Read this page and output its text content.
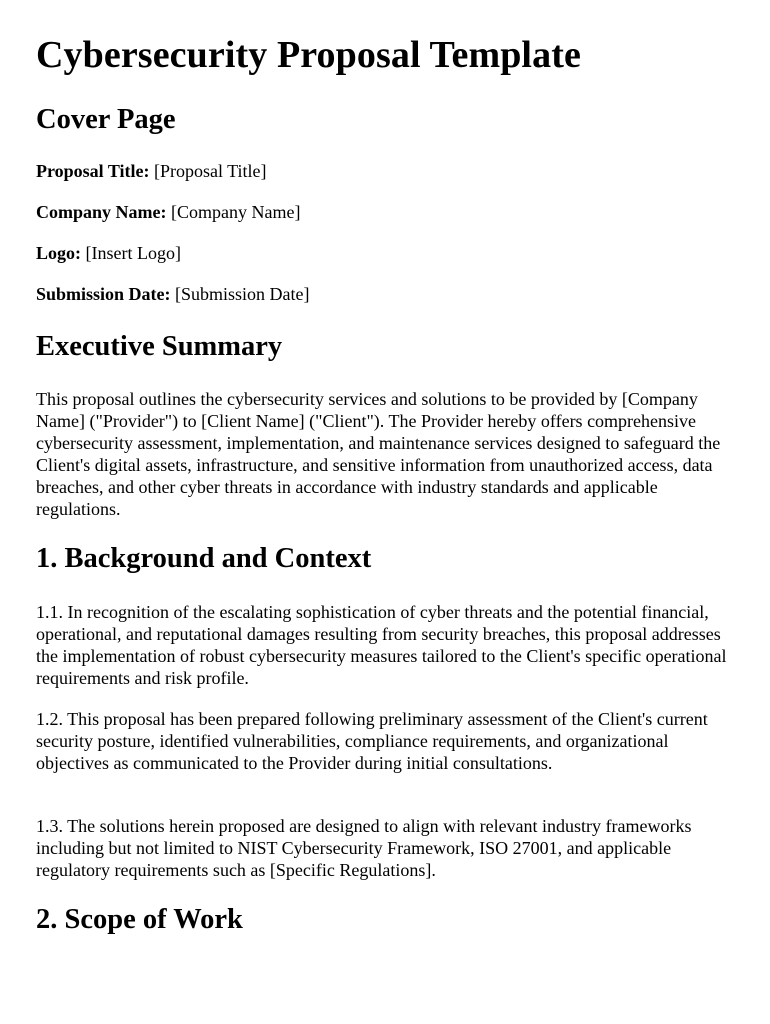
Cybersecurity Proposal Template
Cover Page
Proposal Title: [Proposal Title]
Company Name: [Company Name]
Logo: [Insert Logo]
Submission Date: [Submission Date]
Executive Summary

This proposal outlines the cybersecurity services and solutions to be provided by [Company Name] ("Provider") to [Client Name] ("Client"). The Provider hereby offers comprehensive cybersecurity assessment, implementation, and maintenance services designed to safeguard the Client's digital assets, infrastructure, and sensitive information from unauthorized access, data breaches, and other cyber threats in accordance with industry standards and applicable regulations.

1. Background and Context

1.1. In recognition of the escalating sophistication of cyber threats and the potential financial, operational, and reputational damages resulting from security breaches, this proposal addresses the implementation of robust cybersecurity measures tailored to the Client's specific operational requirements and risk profile.

1.2. This proposal has been prepared following preliminary assessment of the Client's current security posture, identified vulnerabilities, compliance requirements, and organizational objectives as communicated to the Provider during initial consultations.

1.3. The solutions herein proposed are designed to align with relevant industry frameworks including but not limited to NIST Cybersecurity Framework, ISO 27001, and applicable regulatory requirements such as [Specific Regulations].

2. Scope of Work
